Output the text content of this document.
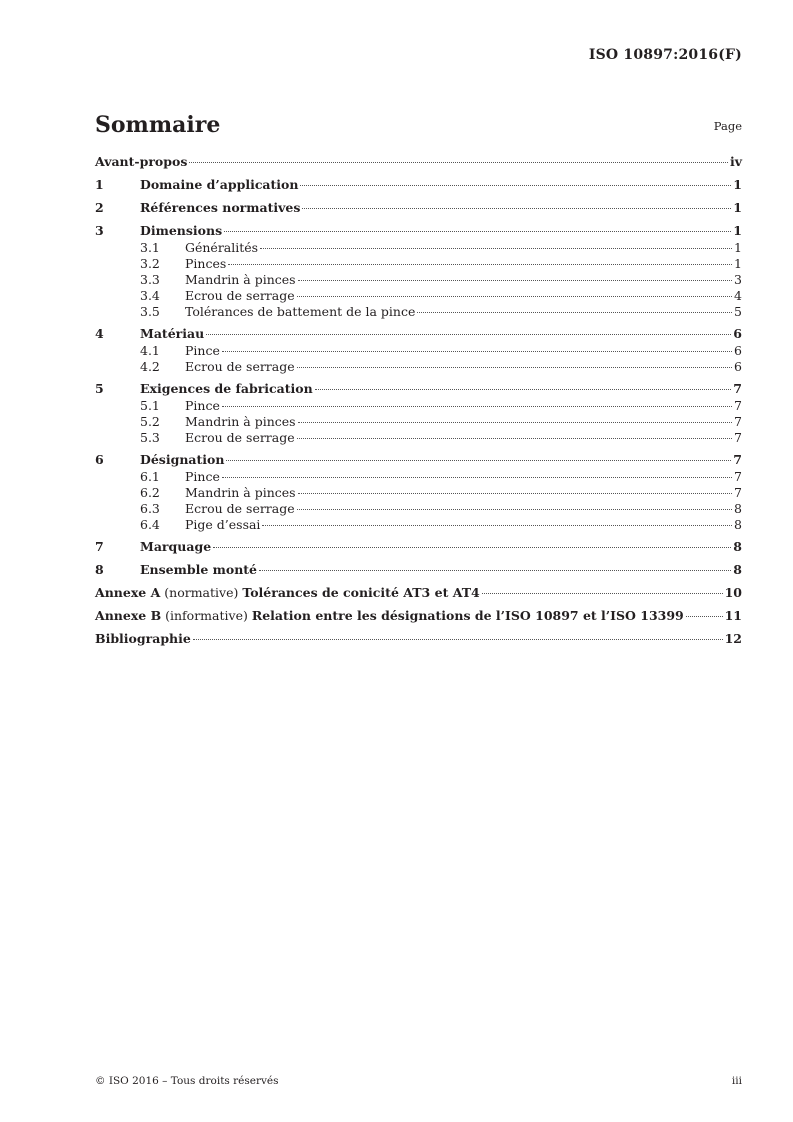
ISO 10897:2016(F)
Sommaire	Page
Avant-propos	iv
1	Domaine d’application	1
2	Références normatives	1
3	Dimensions	1
3.1	Généralités	1
3.2	Pinces	1
3.3	Mandrin à pinces	3
3.4	Ecrou de serrage	4
3.5	Tolérances de battement de la pince	5
4	Matériau	6
4.1	Pince	6
4.2	Ecrou de serrage	6
5	Exigences de fabrication	7
5.1	Pince	7
5.2	Mandrin à pinces	7
5.3	Ecrou de serrage	7
6	Désignation	7
6.1	Pince	7
6.2	Mandrin à pinces	7
6.3	Ecrou de serrage	8
6.4	Pige d’essai	8
7	Marquage	8
8	Ensemble monté	8
Annexe A (normative) Tolérances de conicité AT3 et AT4	10
Annexe B (informative) Relation entre les désignations de l’ISO 10897 et l’ISO 13399	11
Bibliographie	12
© ISO 2016 – Tous droits réservés	iii
